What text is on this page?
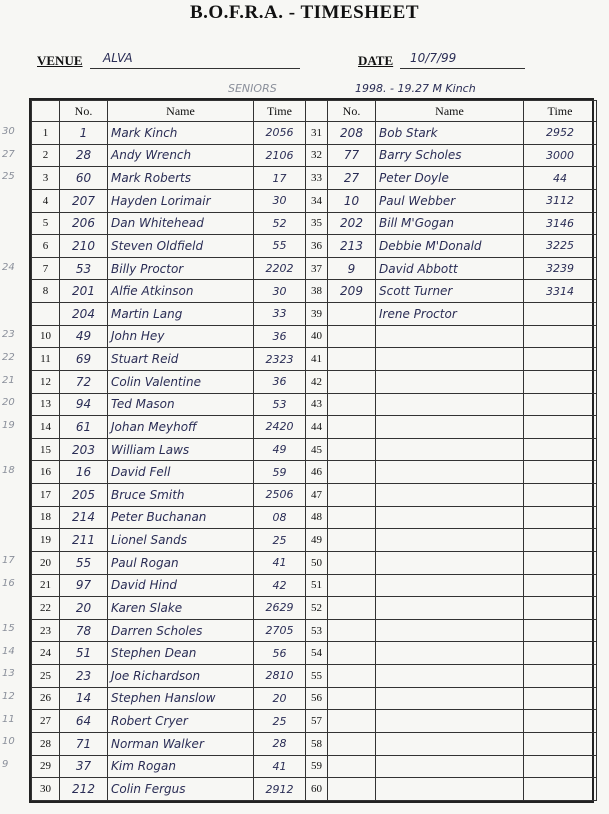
B.O.F.R.A. - TIMESHEET
VENUE ALVA	DATE 10/7/99
SENIORS	1998. - 19.27 M Kinch
30
27
25
24
23
22
21
20
19
18
17
16
15
14
13
12
11
10
9
	No.	Name	Time		No.	Name	Time
1	1	Mark Kinch	2056	31	208	Bob Stark	2952
2	28	Andy Wrench	2106	32	77	Barry Scholes	3000
3	60	Mark Roberts	17	33	27	Peter Doyle	44
4	207	Hayden Lorimair	30	34	10	Paul Webber	3112
5	206	Dan Whitehead	52	35	202	Bill M'Gogan	3146
6	210	Steven Oldfield	55	36	213	Debbie M'Donald	3225
7	53	Billy Proctor	2202	37	9	David Abbott	3239
8	201	Alfie Atkinson	30	38	209	Scott Turner	3314
	204	Martin Lang	33	39		Irene Proctor	
10	49	John Hey	36	40			
11	69	Stuart Reid	2323	41			
12	72	Colin Valentine	36	42			
13	94	Ted Mason	53	43			
14	61	Johan Meyhoff	2420	44			
15	203	William Laws	49	45			
16	16	David Fell	59	46			
17	205	Bruce Smith	2506	47			
18	214	Peter Buchanan	08	48			
19	211	Lionel Sands	25	49			
20	55	Paul Rogan	41	50			
21	97	David Hind	42	51			
22	20	Karen Slake	2629	52			
23	78	Darren Scholes	2705	53			
24	51	Stephen Dean	56	54			
25	23	Joe Richardson	2810	55			
26	14	Stephen Hanslow	20	56			
27	64	Robert Cryer	25	57			
28	71	Norman Walker	28	58			
29	37	Kim Rogan	41	59			
30	212	Colin Fergus	2912	60			
